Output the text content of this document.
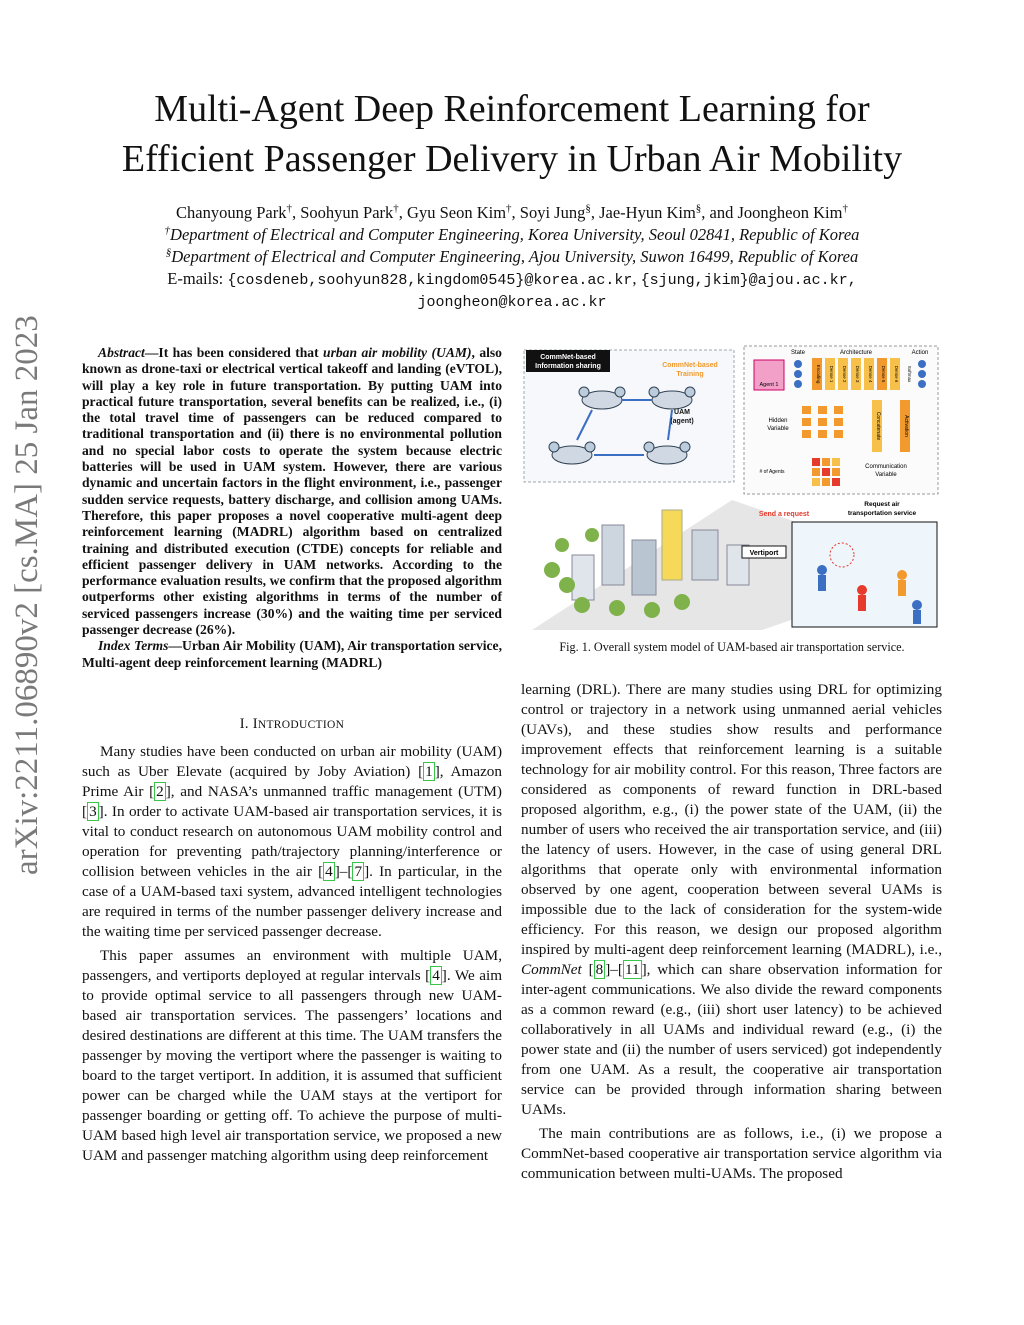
arXiv:2211.06890v2 [cs.MA] 25 Jan 2023
Multi-Agent Deep Reinforcement Learning for
Efficient Passenger Delivery in Urban Air Mobility
Chanyoung Park†, Soohyun Park†, Gyu Seon Kim†, Soyi Jung§, Jae-Hyun Kim§, and Joongheon Kim†
†Department of Electrical and Computer Engineering, Korea University, Seoul 02841, Republic of Korea
§Department of Electrical and Computer Engineering, Ajou University, Suwon 16499, Republic of Korea
E-mails: {cosdeneb,soohyun828,kingdom0545}@korea.ac.kr, {sjung,jkim}@ajou.ac.kr,
joongheon@korea.ac.kr
Abstract—It has been considered that urban air mobility (UAM), also known as drone-taxi or electrical vertical takeoff and landing (eVTOL), will play a key role in future transportation. By putting UAM into practical future transportation, several benefits can be realized, i.e., (i) the total travel time of passengers can be reduced compared to traditional transportation and (ii) there is no environmental pollution and no special labor costs to operate the system because electric batteries will be used in UAM system. However, there are various dynamic and uncertain factors in the flight environment, i.e., passenger sudden service requests, battery discharge, and collision among UAMs. Therefore, this paper proposes a novel cooperative multi-agent deep reinforcement learning (MADRL) algorithm based on centralized training and distributed execution (CTDE) concepts for reliable and efficient passenger delivery in UAM networks. According to the performance evaluation results, we confirm that the proposed algorithm outperforms other existing algorithms in terms of the number of serviced passengers increase (30%) and the waiting time per serviced passenger decrease (26%).
Index Terms—Urban Air Mobility (UAM), Air transportation service, Multi-agent deep reinforcement learning (MADRL)
I. INTRODUCTION

Many studies have been conducted on urban air mobility (UAM) such as Uber Elevate (acquired by Joby Aviation) [ 1 ], Amazon Prime Air [ 2 ], and NASA’s unmanned traffic management (UTM) [ 3 ]. In order to activate UAM-based air transportation services, it is vital to conduct research on autonomous UAM mobility control and operation for preventing path/trajectory planning/interference or collision between vehicles in the air [ 4 ]–[ 7 ]. In particular, in the case of a UAM-based taxi system, advanced intelligent technologies are required in terms of the number passenger delivery increase and the waiting time per serviced passenger decrease.

This paper assumes an environment with multiple UAM, passengers, and vertiports deployed at regular intervals [ 4 ]. We aim to provide optimal service to all passengers through new UAM-based air transportation services. The passengers’ locations and desired destinations are different at this time. The UAM transfers the passenger by moving the vertiport where the passenger is waiting to board to the target vertiport. In addition, it is assumed that sufficient power can be charged while the UAM stays at the vertiport for passenger boarding or getting off. To achieve the purpose of multi-UAM based high level air transportation service, we proposed a new UAM and passenger matching algorithm using deep reinforcement

learning (DRL). There are many studies using DRL for optimizing control or trajectory in a network using unmanned aerial vehicles (UAVs), and these studies show results and performance improvement effects that reinforcement learning is a suitable technology for air mobility control. For this reason, Three factors are considered as components of reward function in DRL-based proposed algorithm, e.g., (i) the power state of the UAM, (ii) the number of users who received the air transportation service, and (iii) the latency of users. However, in the case of using general DRL algorithms that operate only with environmental information observed by one agent, cooperation between several UAMs is impossible due to the lack of consideration for the system-wide efficiency. For this reason, we design our proposed algorithm inspired by multi-agent deep reinforcement learning (MADRL), i.e., CommNet [ 8 ]–[ 11 ], which can share observation information for inter-agent communications. We also divide the reward components as a common reward (e.g., (iii) short user latency) to be achieved collaboratively in all UAMs and individual reward (e.g., (i) the power state and (ii) the number of users serviced) got independently from one UAM. As a result, the cooperative air transportation service can be provided through information sharing between UAMs.

The main contributions are as follows, i.e., (i) we propose a CommNet-based cooperative air transportation service algorithm via communication between multi-UAMs. The proposed

CommNet-based
Information sharing	CommNet-based
Training
UAM
(agent)
State	Architecture	Action
Agent 1
Encoding Dense 1 Dense 2 Dense 3 Dense 4 Dense 5 Dense 6 Softmax
Hidden
Variable	Concatenate	Activation
# of Agents
Communication
Variable
Vertiport
Send a request
Request air
transportation service
Fig. 1. Overall system model of UAM-based air transportation service.
